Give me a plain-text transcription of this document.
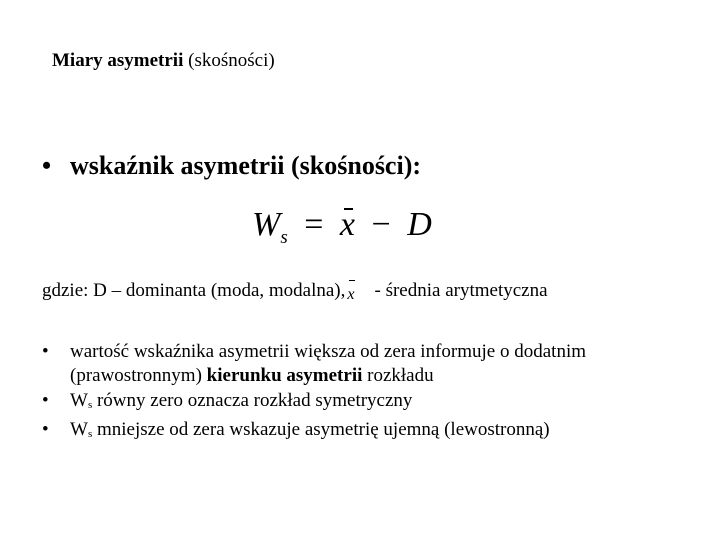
Miary asymetrii (skośności)
• wskaźnik asymetrii (skośności):
$W_s = x - D$
gdzie: D – dominanta (moda, modalna), x - średnia arytmetyczna
• wartość wskaźnika asymetrii większa od zera informuje o dodatnim (prawostronnym) kierunku asymetrii rozkładu
• Ws równy zero oznacza rozkład symetryczny
• Ws mniejsze od zera wskazuje asymetrię ujemną (lewostronną)
